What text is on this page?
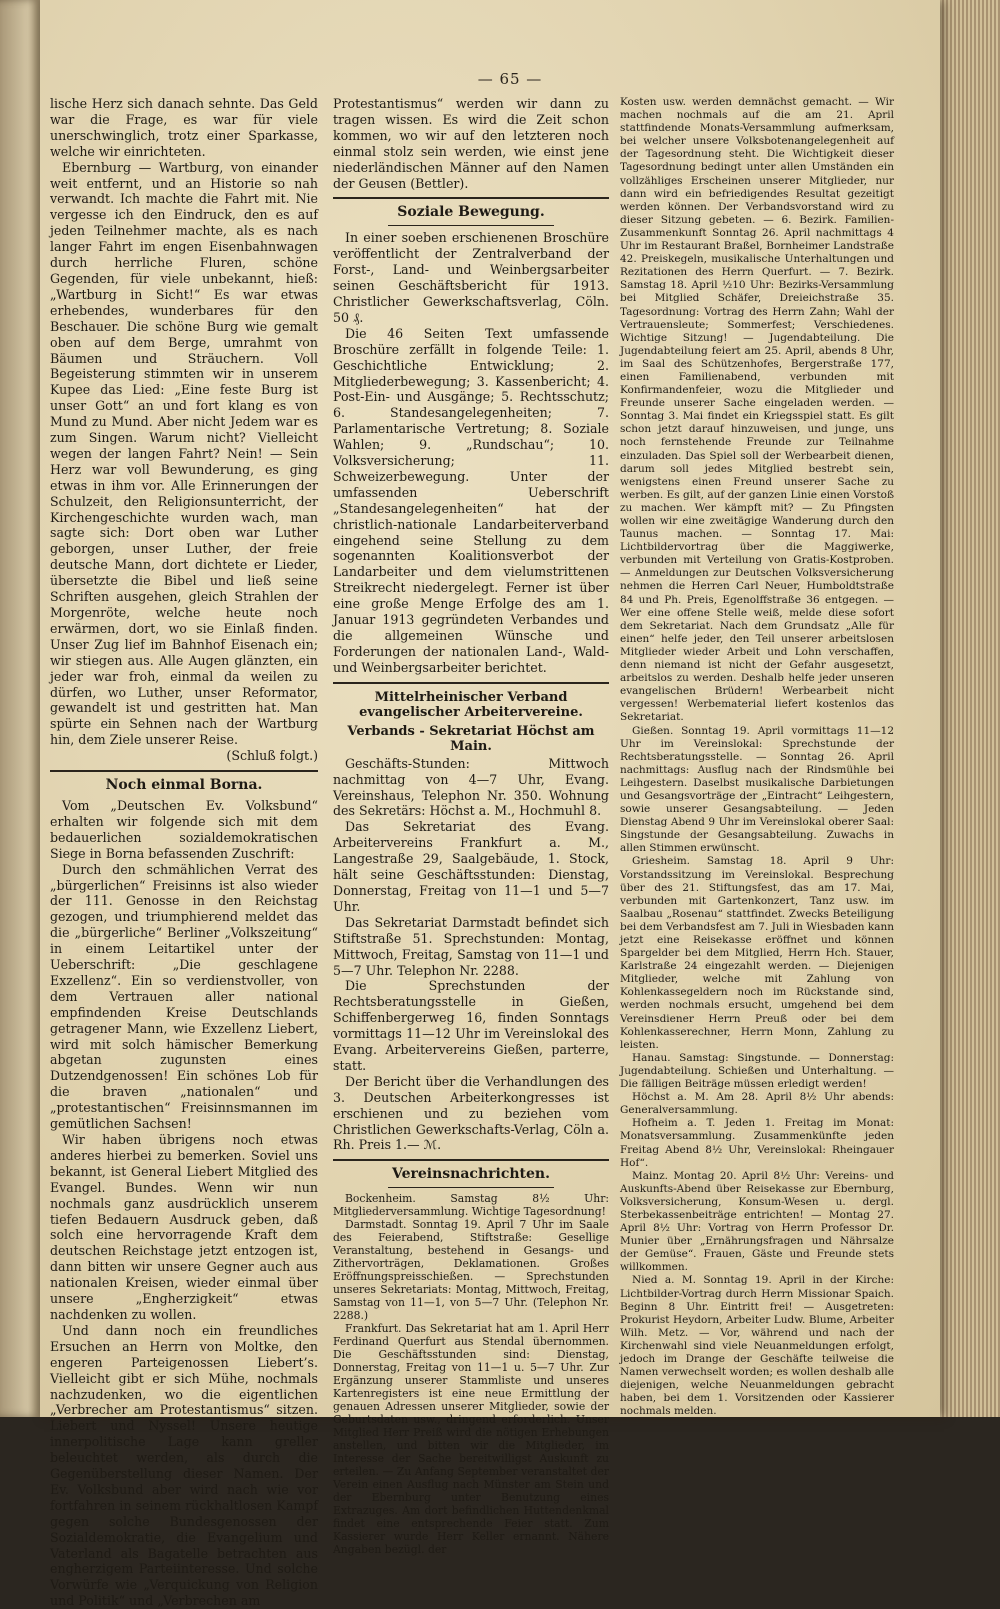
— 65 —

lische Herz sich danach sehnte. Das Geld war die Frage, es war für viele unerschwinglich, trotz einer Sparkasse, welche wir einrichteten.

Ebernburg — Wartburg, von einander weit entfernt, und an Historie so nah verwandt. Ich machte die Fahrt mit. Nie vergesse ich den Eindruck, den es auf jeden Teilnehmer machte, als es nach langer Fahrt im engen Eisenbahnwagen durch herrliche Fluren, schöne Gegenden, für viele unbekannt, hieß: „Wartburg in Sicht!“ Es war etwas erhebendes, wunderbares für den Beschauer. Die schöne Burg wie gemalt oben auf dem Berge, umrahmt von Bäumen und Sträuchern. Voll Begeisterung stimmten wir in unserem Kupee das Lied: „Eine feste Burg ist unser Gott“ an und fort klang es von Mund zu Mund. Aber nicht Jedem war es zum Singen. Warum nicht? Vielleicht wegen der langen Fahrt? Nein! — Sein Herz war voll Bewunderung, es ging etwas in ihm vor. Alle Erinnerungen der Schulzeit, den Religionsunterricht, der Kirchengeschichte wurden wach, man sagte sich: Dort oben war Luther geborgen, unser Luther, der freie deutsche Mann, dort dichtete er Lieder, übersetzte die Bibel und ließ seine Schriften ausgehen, gleich Strahlen der Morgenröte, welche heute noch erwärmen, dort, wo sie Einlaß finden. Unser Zug lief im Bahnhof Eisenach ein; wir stiegen aus. Alle Augen glänzten, ein jeder war froh, einmal da weilen zu dürfen, wo Luther, unser Reformator, gewandelt ist und gestritten hat. Man spürte ein Sehnen nach der Wartburg hin, dem Ziele unserer Reise.

(Schluß folgt.)

Noch einmal Borna.

Vom „Deutschen Ev. Volksbund“ erhalten wir folgende sich mit dem bedauerlichen sozialdemokratischen Siege in Borna befassenden Zuschrift:

Durch den schmählichen Verrat des „bürgerlichen“ Freisinns ist also wieder der 111. Genosse in den Reichstag gezogen, und triumphierend meldet das die „bürgerliche“ Berliner „Volkszeitung“ in einem Leitartikel unter der Ueberschrift: „Die geschlagene Exzellenz“. Ein so verdienstvoller, von dem Vertrauen aller national empfindenden Kreise Deutschlands getragener Mann, wie Exzellenz Liebert, wird mit solch hämischer Bemerkung abgetan zugunsten eines Dutzendgenossen! Ein schönes Lob für die braven „nationalen“ und „protestantischen“ Freisinnsmannen im gemütlichen Sachsen!

Wir haben übrigens noch etwas anderes hierbei zu bemerken. Soviel uns bekannt, ist General Liebert Mitglied des Evangel. Bundes. Wenn wir nun nochmals ganz ausdrücklich unserem tiefen Bedauern Ausdruck geben, daß solch eine hervorragende Kraft dem deutschen Reichstage jetzt entzogen ist, dann bitten wir unsere Gegner auch aus nationalen Kreisen, wieder einmal über unsere „Engherzigkeit“ etwas nachdenken zu wollen.

Und dann noch ein freundliches Ersuchen an Herrn von Moltke, den engeren Parteigenossen Liebert’s. Vielleicht gibt er sich Mühe, nochmals nachzudenken, wo die eigentlichen „Verbrecher am Protestantismus“ sitzen. Liebert und Nyssel! Unsere heutige innerpolitische Lage kann greller beleuchtet werden, als durch die Gegenüberstellung dieser Namen. Der Ev. Volksbund aber wird nach wie vor fortfahren in seinem rückhaltlosen Kampf gegen solche Bundesgenossen der Sozialdemokratie, die Evangelium und Vaterland als Bagatelle betrachten aus engherzigem Parteiinteresse. Und solche Vorwürfe wie „Verquickung von Religion und Politik“ und „Verbrechen am

Protestantismus“ werden wir dann zu tragen wissen. Es wird die Zeit schon kommen, wo wir auf den letzteren noch einmal stolz sein werden, wie einst jene niederländischen Männer auf den Namen der Geusen (Bettler).

Soziale Bewegung.

In einer soeben erschienenen Broschüre veröffentlicht der Zentralverband der Forst-, Land- und Weinbergsarbeiter seinen Geschäftsbericht für 1913. Christlicher Gewerkschaftsverlag, Cöln. 50 ₰.

Die 46 Seiten Text umfassende Broschüre zerfällt in folgende Teile: 1. Geschichtliche Entwicklung; 2. Mitgliederbewegung; 3. Kassenbericht; 4. Post-Ein- und Ausgänge; 5. Rechtsschutz; 6. Standesangelegenheiten; 7. Parlamentarische Vertretung; 8. Soziale Wahlen; 9. „Rundschau“; 10. Volksversicherung; 11. Schweizerbewegung. Unter der umfassenden Ueberschrift „Standesangelegenheiten“ hat der christlich-nationale Landarbeiterverband eingehend seine Stellung zu dem sogenannten Koalitionsverbot der Landarbeiter und dem vielumstrittenen Streikrecht niedergelegt. Ferner ist über eine große Menge Erfolge des am 1. Januar 1913 gegründeten Verbandes und die allgemeinen Wünsche und Forderungen der nationalen Land-, Wald- und Weinbergsarbeiter berichtet.

Mittelrheinischer Verband evangelischer Arbeitervereine.
Verbands - Sekretariat Höchst am Main.

Geschäfts-Stunden: Mittwoch nachmittag von 4—7 Uhr, Evang. Vereinshaus, Telephon Nr. 350. Wohnung des Sekretärs: Höchst a. M., Hochmuhl 8.

Das Sekretariat des Evang. Arbeitervereins Frankfurt a. M., Langestraße 29, Saalgebäude, 1. Stock, hält seine Geschäftsstunden: Dienstag, Donnerstag, Freitag von 11—1 und 5—7 Uhr.

Das Sekretariat Darmstadt befindet sich Stiftstraße 51. Sprechstunden: Montag, Mittwoch, Freitag, Samstag von 11—1 und 5—7 Uhr. Telephon Nr. 2288.

Die Sprechstunden der Rechtsberatungsstelle in Gießen, Schiffenbergerweg 16, finden Sonntags vormittags 11—12 Uhr im Vereinslokal des Evang. Arbeitervereins Gießen, parterre, statt.

Der Bericht über die Verhandlungen des 3. Deutschen Arbeiterkongresses ist erschienen und zu beziehen vom Christlichen Gewerkschafts-Verlag, Cöln a. Rh. Preis 1.— ℳ.

Vereinsnachrichten.

Bockenheim. Samstag 8½ Uhr: Mitgliederversammlung. Wichtige Tagesordnung!

Darmstadt. Sonntag 19. April 7 Uhr im Saale des Feierabend, Stiftstraße: Gesellige Veranstaltung, bestehend in Gesangs- und Zithervorträgen, Deklamationen. Großes Eröffnungspreisschießen. — Sprechstunden unseres Sekretariats: Montag, Mittwoch, Freitag, Samstag von 11—1, von 5—7 Uhr. (Telephon Nr. 2288.)

Frankfurt. Das Sekretariat hat am 1. April Herr Ferdinand Querfurt aus Stendal übernommen. Die Geschäftsstunden sind: Dienstag, Donnerstag, Freitag von 11—1 u. 5—7 Uhr. Zur Ergänzung unserer Stammliste und unseres Kartenregisters ist eine neue Ermittlung der genauen Adressen unserer Mitglieder, sowie der Geburtsdaten usw., dringend erforderlich. Unser Mitglied Herr Preiß wird die nötigen Erhebungen anstellen, und bitten wir die Mitglieder, im Interesse der Sache bereitwilligst Auskunft zu erteilen. — Zu Anfang September veranstaltet der Verein einen Ausflug nach Münster am Stein und der Ebernburg unter Benutzung eines Extrazuges. Am dort befindlichen Huttendenkmal findet eine entsprechende Feier statt. Zum Kassierer wurde Herr Keller ernannt. Nähere Angaben bezügl. der

Kosten usw. werden demnächst gemacht. — Wir machen nochmals auf die am 21. April stattfindende Monats-Versammlung aufmerksam, bei welcher unsere Volksbotenangelegenheit auf der Tagesordnung steht. Die Wichtigkeit dieser Tagesordnung bedingt unter allen Umständen ein vollzähliges Erscheinen unserer Mitglieder, nur dann wird ein befriedigendes Resultat gezeitigt werden können. Der Verbandsvorstand wird zu dieser Sitzung gebeten. — 6. Bezirk. Familien-Zusammenkunft Sonntag 26. April nachmittags 4 Uhr im Restaurant Braßel, Bornheimer Landstraße 42. Preiskegeln, musikalische Unterhaltungen und Rezitationen des Herrn Querfurt. — 7. Bezirk. Samstag 18. April ½10 Uhr: Bezirks-Versammlung bei Mitglied Schäfer, Dreieichstraße 35. Tagesordnung: Vortrag des Herrn Zahn; Wahl der Vertrauensleute; Sommerfest; Verschiedenes. Wichtige Sitzung! — Jugendabteilung. Die Jugendabteilung feiert am 25. April, abends 8 Uhr, im Saal des Schützenhofes, Bergerstraße 177, einen Familienabend, verbunden mit Konfirmandenfeier, wozu die Mitglieder und Freunde unserer Sache eingeladen werden. — Sonntag 3. Mai findet ein Kriegsspiel statt. Es gilt schon jetzt darauf hinzuweisen, und junge, uns noch fernstehende Freunde zur Teilnahme einzuladen. Das Spiel soll der Werbearbeit dienen, darum soll jedes Mitglied bestrebt sein, wenigstens einen Freund unserer Sache zu werben. Es gilt, auf der ganzen Linie einen Vorstoß zu machen. Wer kämpft mit? — Zu Pfingsten wollen wir eine zweitägige Wanderung durch den Taunus machen. — Sonntag 17. Mai: Lichtbildervortrag über die Maggiwerke, verbunden mit Verteilung von Gratis-Kostproben. — Anmeldungen zur Deutschen Volksversicherung nehmen die Herren Carl Neuer, Humboldtstraße 84 und Ph. Preis, Egenolffstraße 36 entgegen. — Wer eine offene Stelle weiß, melde diese sofort dem Sekretariat. Nach dem Grundsatz „Alle für einen“ helfe jeder, den Teil unserer arbeitslosen Mitglieder wieder Arbeit und Lohn verschaffen, denn niemand ist nicht der Gefahr ausgesetzt, arbeitslos zu werden. Deshalb helfe jeder unseren evangelischen Brüdern! Werbearbeit nicht vergessen! Werbematerial liefert kostenlos das Sekretariat.

Gießen. Sonntag 19. April vormittags 11—12 Uhr im Vereinslokal: Sprechstunde der Rechtsberatungsstelle. — Sonntag 26. April nachmittags: Ausflug nach der Rindsmühle bei Leihgestern. Daselbst musikalische Darbietungen und Gesangsvorträge der „Eintracht“ Leihgestern, sowie unserer Gesangsabteilung. — Jeden Dienstag Abend 9 Uhr im Vereinslokal oberer Saal: Singstunde der Gesangsabteilung. Zuwachs in allen Stimmen erwünscht.

Griesheim. Samstag 18. April 9 Uhr: Vorstandssitzung im Vereinslokal. Besprechung über des 21. Stiftungsfest, das am 17. Mai, verbunden mit Gartenkonzert, Tanz usw. im Saalbau „Rosenau“ stattfindet. Zwecks Beteiligung bei dem Verbandsfest am 7. Juli in Wiesbaden kann jetzt eine Reisekasse eröffnet und können Spargelder bei dem Mitglied, Herrn Hch. Stauer, Karlstraße 24 eingezahlt werden. — Diejenigen Mitglieder, welche mit Zahlung von Kohlenkassegeldern noch im Rückstande sind, werden nochmals ersucht, umgehend bei dem Vereinsdiener Herrn Preuß oder bei dem Kohlenkasserechner, Herrn Monn, Zahlung zu leisten.

Hanau. Samstag: Singstunde. — Donnerstag: Jugendabteilung. Schießen und Unterhaltung. — Die fälligen Beiträge müssen erledigt werden!

Höchst a. M. Am 28. April 8½ Uhr abends: Generalversammlung.

Hofheim a. T. Jeden 1. Freitag im Monat: Monatsversammlung. Zusammenkünfte jeden Freitag Abend 8½ Uhr, Vereinslokal: Rheingauer Hof“.

Mainz. Montag 20. April 8½ Uhr: Vereins- und Auskunfts-Abend über Reisekasse zur Ebernburg, Volksversicherung, Konsum-Wesen u. dergl. Sterbekassenbeiträge entrichten! — Montag 27. April 8½ Uhr: Vortrag von Herrn Professor Dr. Munier über „Ernährungsfragen und Nährsalze der Gemüse“. Frauen, Gäste und Freunde stets willkommen.

Nied a. M. Sonntag 19. April in der Kirche: Lichtbilder-Vortrag durch Herrn Missionar Spaich. Beginn 8 Uhr. Eintritt frei! — Ausgetreten: Prokurist Heydorn, Arbeiter Ludw. Blume, Arbeiter Wilh. Metz. — Vor, während und nach der Kirchenwahl sind viele Neuanmeldungen erfolgt, jedoch im Drange der Geschäfte teilweise die Namen verwechselt worden; es wollen deshalb alle diejenigen, welche Neuanmeldungen gebracht haben, bei dem 1. Vorsitzenden oder Kassierer nochmals melden.
